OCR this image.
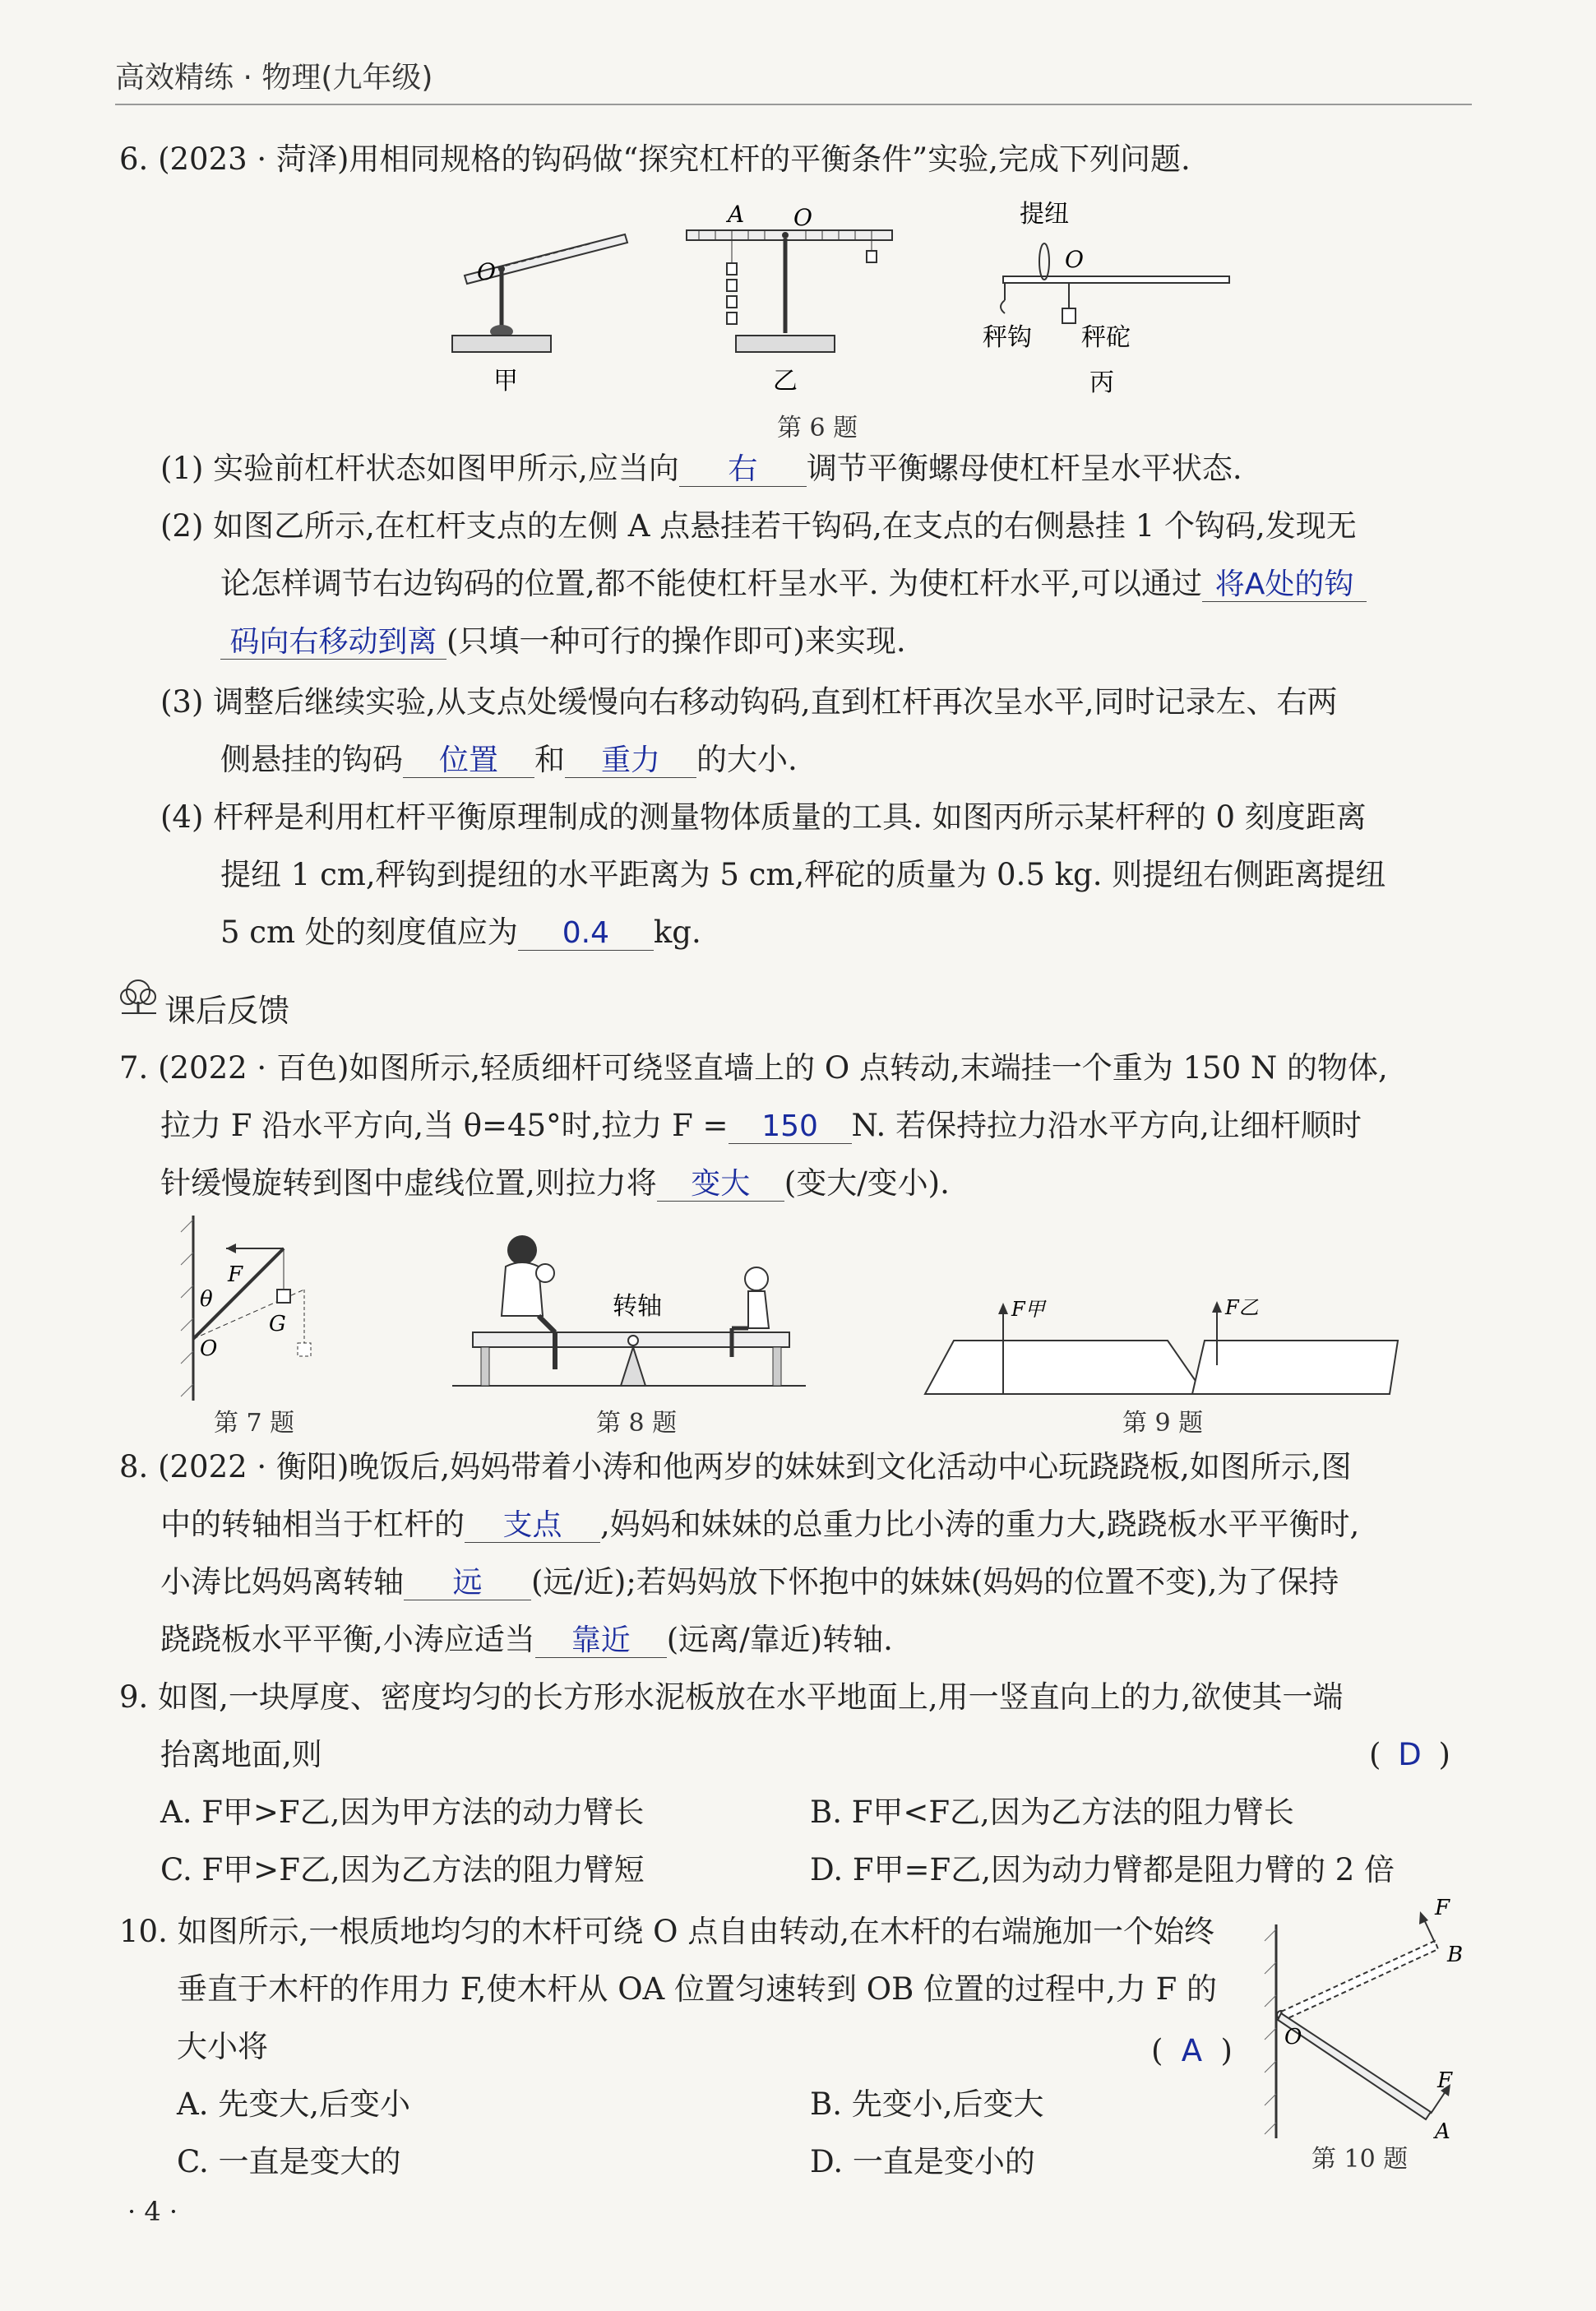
高效精练 · 物理(九年级)
6. (2023 · 菏泽)用相同规格的钩码做“探究杠杆的平衡条件”实验,完成下列问题.
O
甲
A O
乙
提纽
O
秤钩 秤砣
丙
第 6 题
(1) 实验前杠杆状态如图甲所示,应当向 右 调节平衡螺母使杠杆呈水平状态.
(2) 如图乙所示,在杠杆支点的左侧 A 点悬挂若干钩码,在支点的右侧悬挂 1 个钩码,发现无
论怎样调节右边钩码的位置,都不能使杠杆呈水平. 为使杠杆水平,可以通过 将A处的钩
码向右移动到离 (只填一种可行的操作即可)来实现.
(3) 调整后继续实验,从支点处缓慢向右移动钩码,直到杠杆再次呈水平,同时记录左、右两
侧悬挂的钩码 位置 和 重力 的大小.
(4) 杆秤是利用杠杆平衡原理制成的测量物体质量的工具. 如图丙所示某杆秤的 0 刻度距离
提纽 1 cm,秤钩到提纽的水平距离为 5 cm,秤砣的质量为 0.5 kg. 则提纽右侧距离提纽
5 cm 处的刻度值应为 0.4 kg.
课后反馈
7. (2022 · 百色)如图所示,轻质细杆可绕竖直墙上的 O 点转动,末端挂一个重为 150 N 的物体,
拉力 F 沿水平方向,当 θ=45°时,拉力 F = 150 N. 若保持拉力沿水平方向,让细杆顺时
针缓慢旋转到图中虚线位置,则拉力将 变大 (变大/变小).
F
θ
O
G
第 7 题
转轴
第 8 题
F甲	F乙
第 9 题
8. (2022 · 衡阳)晚饭后,妈妈带着小涛和他两岁的妹妹到文化活动中心玩跷跷板,如图所示,图
中的转轴相当于杠杆的 支点 ,妈妈和妹妹的总重力比小涛的重力大,跷跷板水平平衡时,
小涛比妈妈离转轴 远 (远/近);若妈妈放下怀抱中的妹妹(妈妈的位置不变),为了保持
跷跷板水平平衡,小涛应适当 靠近 (远离/靠近)转轴.
9. 如图,一块厚度、密度均匀的长方形水泥板放在水平地面上,用一竖直向上的力,欲使其一端
抬离地面,则	( D )
A. F甲>F乙,因为甲方法的动力臂长	B. F甲<F乙,因为乙方法的阻力臂长
C. F甲>F乙,因为乙方法的阻力臂短	D. F甲=F乙,因为动力臂都是阻力臂的 2 倍
10. 如图所示,一根质地均匀的木杆可绕 O 点自由转动,在木杆的右端施加一个始终
垂直于木杆的作用力 F,使木杆从 OA 位置匀速转到 OB 位置的过程中,力 F 的
大小将	( A )
A. 先变大,后变小	B. 先变小,后变大
C. 一直是变大的	D. 一直是变小的
F
B
O
F
A
第 10 题
· 4 ·
